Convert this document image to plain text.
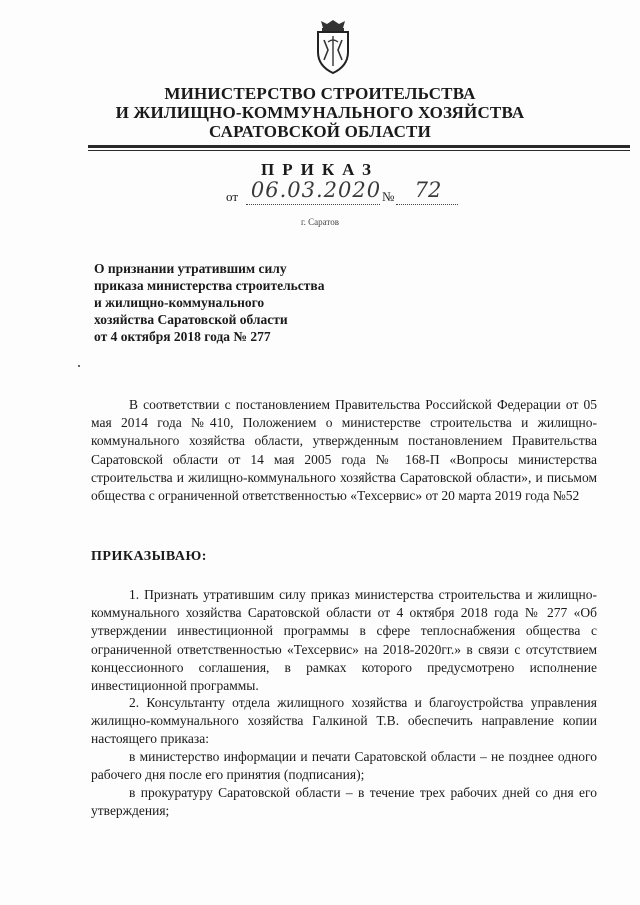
МИНИСТЕРСТВО СТРОИТЕЛЬСТВА
И ЖИЛИЩНО-КОММУНАЛЬНОГО ХОЗЯЙСТВА
САРАТОВСКОЙ ОБЛАСТИ
ПРИКАЗ
от 06.03.2020 № 72
г. Саратов
О признании утратившим силу
приказа министерства строительства
и жилищно-коммунального
хозяйства Саратовской области
от 4 октября 2018 года № 277

В соответствии с постановлением Правительства Российской Федерации от 05 мая 2014 года №410, Положением о министерстве строительства и жилищно-коммунального хозяйства области, утвержденным постановлением Правительства Саратовской области от 14 мая 2005 года № 168-П «Вопросы министерства строительства и жилищно-коммунального хозяйства Саратовской области», и письмом общества с ограниченной ответственностью «Техсервис» от 20 марта 2019 года №52

ПРИКАЗЫВАЮ:

1. Признать утратившим силу приказ министерства строительства и жилищно-коммунального хозяйства Саратовской области от 4 октября 2018 года № 277 «Об утверждении инвестиционной программы в сфере теплоснабжения общества с ограниченной ответственностью «Техсервис» на 2018-2020гг.» в связи с отсутствием концессионного соглашения, в рамках которого предусмотрено исполнение инвестиционной программы.

2. Консультанту отдела жилищного хозяйства и благоустройства управления жилищно-коммунального хозяйства Галкиной Т.В. обеспечить направление копии настоящего приказа:

в министерство информации и печати Саратовской области – не позднее одного рабочего дня после его принятия (подписания);

в прокуратуру Саратовской области – в течение трех рабочих дней со дня его утверждения;
